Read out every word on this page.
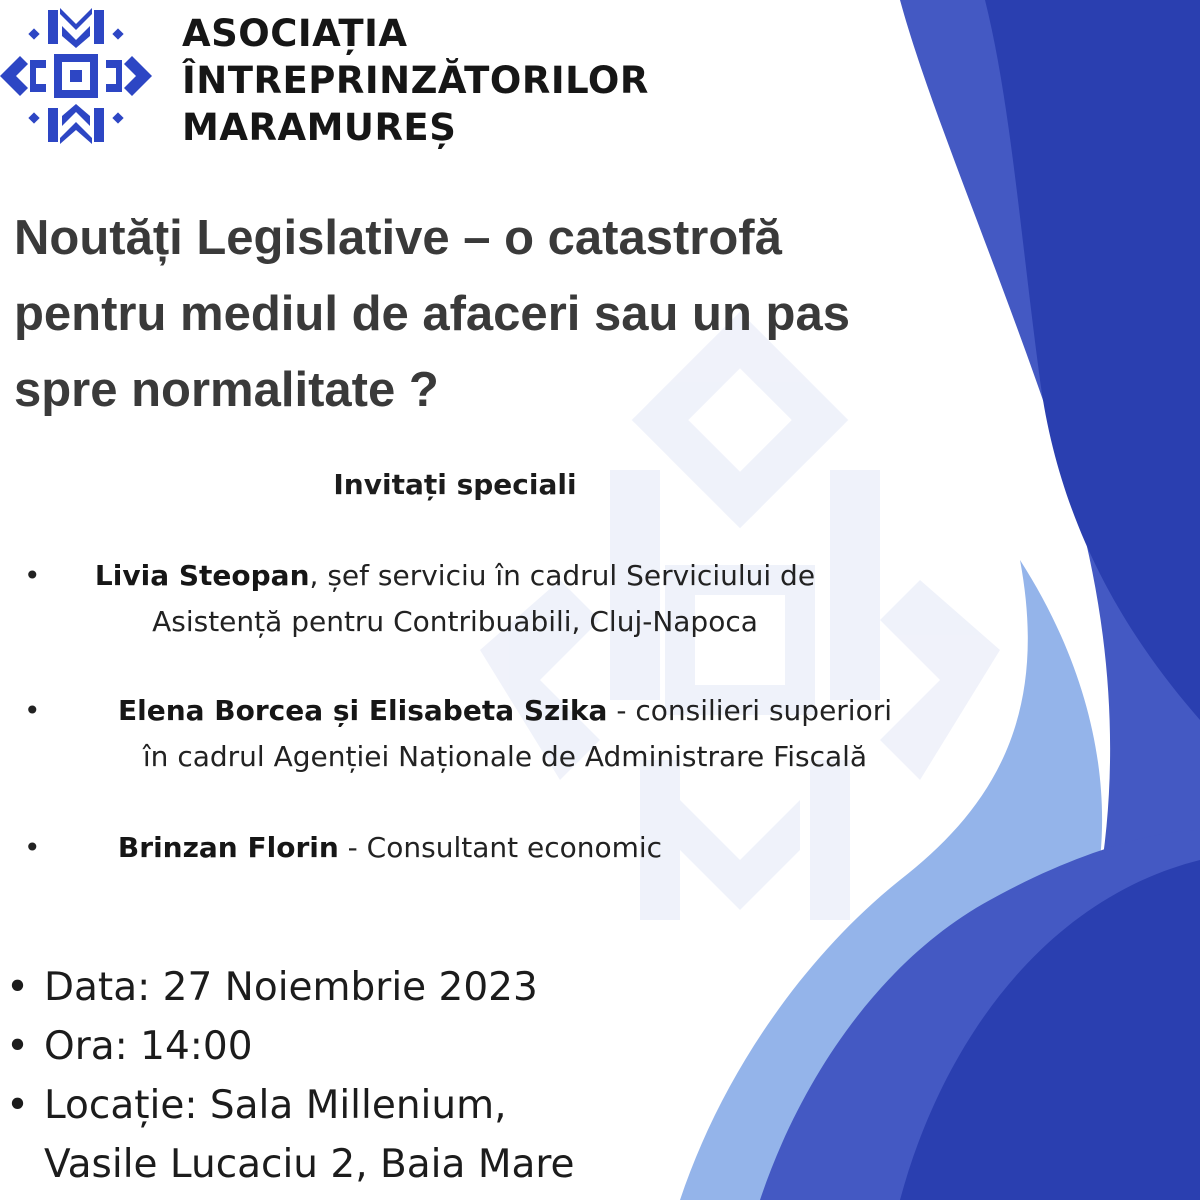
ASOCIAȚIA
ÎNTREPRINZĂTORILOR
MARAMUREȘ
Noutăți Legislative – o catastrofă pentru mediul de afaceri sau un pas spre normalitate ?
Invitați speciali
•	Livia Steopan, șef serviciu în cadrul Serviciului de
Asistență pentru Contribuabili, Cluj-Napoca
•	Elena Borcea și Elisabeta Szika - consilieri superiori
în cadrul Agenției Naționale de Administrare Fiscală
•	Brinzan Florin - Consultant economic
• Data: 27 Noiembrie 2023
• Ora: 14:00
• Locație: Sala Millenium,
Vasile Lucaciu 2, Baia Mare
